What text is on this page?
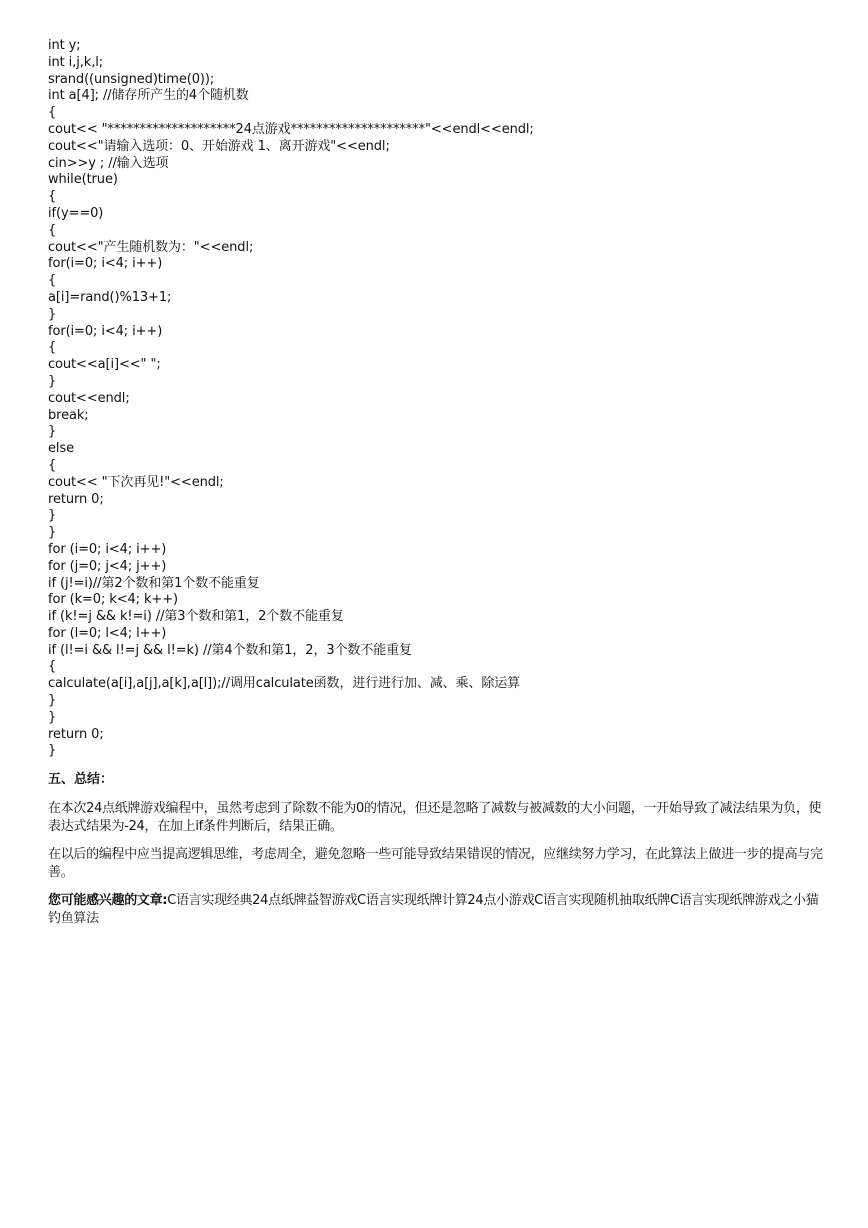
int y;
int i,j,k,l;
srand((unsigned)time(0));
int a[4]; //储存所产生的4个随机数
{
cout<< "********************24点游戏*********************"<<endl<<endl;
cout<<"请输入选项：0、开始游戏 1、离开游戏"<<endl;
cin>>y ; //输入选项
while(true)
{
if(y==0)
{
cout<<"产生随机数为："<<endl;
for(i=0; i<4; i++)
{
a[i]=rand()%13+1;
}
for(i=0; i<4; i++)
{
cout<<a[i]<<" ";
}
cout<<endl;
break;
}
else
{
cout<< "下次再见!"<<endl;
return 0;
}
}
for (i=0; i<4; i++)
for (j=0; j<4; j++)
if (j!=i)//第2个数和第1个数不能重复
for (k=0; k<4; k++)
if (k!=j && k!=i) //第3个数和第1，2个数不能重复
for (l=0; l<4; l++)
if (l!=i && l!=j && l!=k) //第4个数和第1，2，3个数不能重复
{
calculate(a[i],a[j],a[k],a[l]);//调用calculate函数，进行进行加、减、乘、除运算
}
}
return 0;
}
五、总结：

在本次24点纸牌游戏编程中，虽然考虑到了除数不能为0的情况，但还是忽略了减数与被减数的大小问题，一开始导致了减法结果为负，使表达式结果为-24，在加上if条件判断后，结果正确。

在以后的编程中应当提高逻辑思维，考虑周全，避免忽略一些可能导致结果错误的情况，应继续努力学习，在此算法上做进一步的提高与完善。

您可能感兴趣的文章:C语言实现经典24点纸牌益智游戏C语言实现纸牌计算24点小游戏C语言实现随机抽取纸牌C语言实现纸牌游戏之小猫钓鱼算法
